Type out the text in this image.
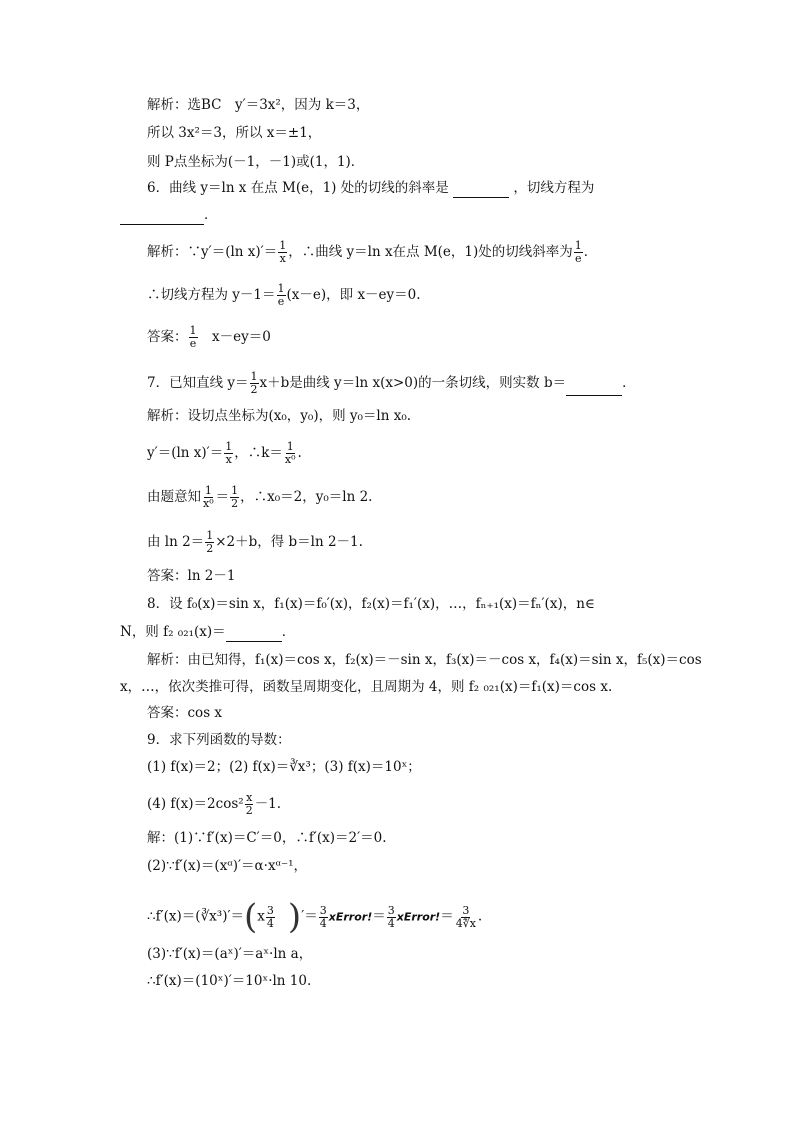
解析：选BC　y′＝3x²，因为 k＝3，
所以 3x²＝3，所以 x＝±1，
则 P点坐标为(－1，－1)或(1，1)．
6．曲线 y＝ln x 在点 M(e，1) 处的切线的斜率是	，切线方程为
．
解析：∵y′＝(ln $x)'= \frac{1}{x}$ ，∴曲线 y＝ln x在点 M(e，1)处的切线斜率为 $\frac{1}{e}$ ．
∴切线方程为 $y-1= \frac{1}{e} (x-e)$，即 x－ey＝0.
答案： $\frac{1}{e}$ 　x－ey＝0
7．已知直线 $y= \frac{1}{2} x+b$是曲线 y＝ln x(x>0)的一条切线，则实数 b＝	．
解析：设切点坐标为(x₀，y₀)，则 y₀＝ln x₀.
y′＝(ln $x)'= \frac{1}{x}$ ，∴k＝ $\frac{1}{\text{x⁰}}$ .
由题意知 $\frac{1}{\text{x⁰}} = \frac{1}{2}$ ，∴x₀＝2，y₀＝ln 2.
由 $\ln 2= \frac{1}{2} \times 2+b$，得 b＝ln 2－1.
答案：ln 2－1
8．设 f₀(x)＝sin x，f₁(x)＝f₀′(x)，f₂(x)＝f₁′(x)，…，fₙ₊₁(x)＝fₙ′(x)，n∈
N，则 f₂ ₀₂₁(x)＝	．
解析：由已知得，f₁(x)＝cos x，f₂(x)＝－sin x，f₃(x)＝－cos x，f₄(x)＝sin x，f₅(x)＝cos
x，…，依次类推可得，函数呈周期变化，且周期为 4，则 f₂ ₀₂₁(x)＝f₁(x)＝cos x.
答案：cos x
9．求下列函数的导数：
(1) f(x)＝2；(2) f(x)＝∛x³；(3) f(x)＝10ˣ；
(4) $f(x)=2\cos^2 \frac{x}{2} -1$.
解：(1)∵f′(x)＝C′＝0，∴f′(x)＝2′＝0.
(2)∵f′(x)＝(xᵅ)′＝α·xᵅ⁻¹，
∴f′(x)＝(∛x³)′＝(x $\frac{3}{4}$ )′＝ $\frac{3}{4}$ xError!＝ $\frac{3}{4}$ xError!＝ $\frac{3}{4∜x}$ .
(3)∵f′(x)＝(aˣ)′＝aˣ·ln a，
∴f′(x)＝(10ˣ)′＝10ˣ·ln 10.
